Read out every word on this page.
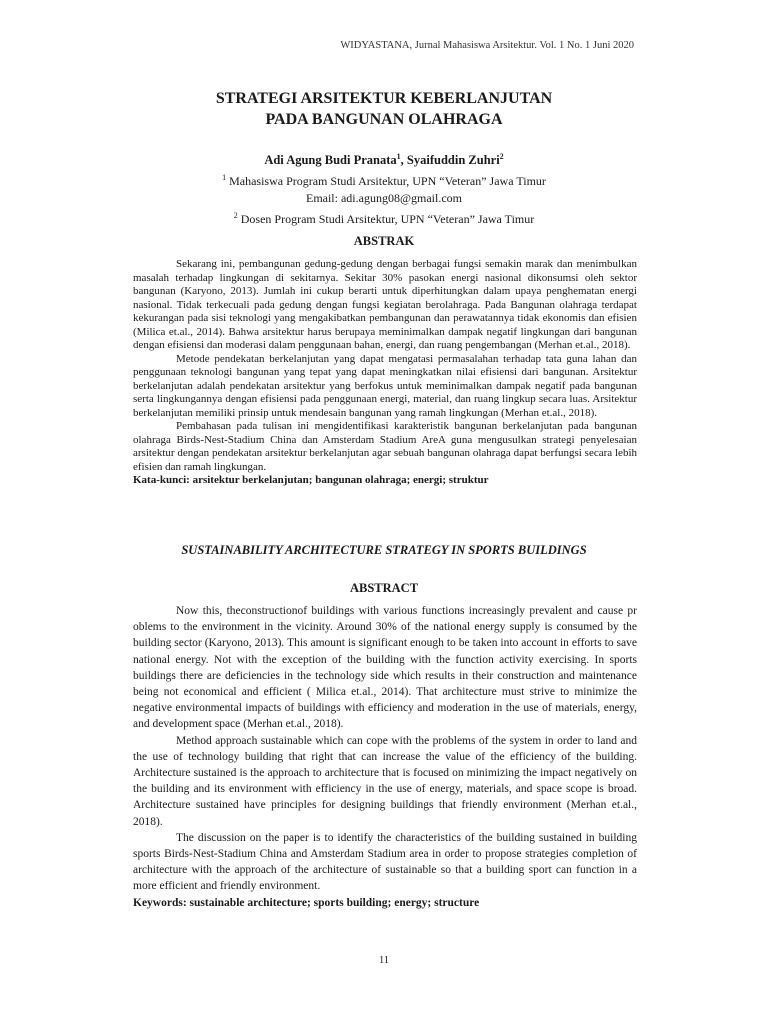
WIDYASTANA, Jurnal Mahasiswa Arsitektur. Vol. 1 No. 1 Juni 2020
STRATEGI ARSITEKTUR KEBERLANJUTAN
PADA BANGUNAN OLAHRAGA
Adi Agung Budi Pranata$^1$, Syaifuddin Zuhri$^2$
$^1$ Mahasiswa Program Studi Arsitektur, UPN “Veteran” Jawa Timur
Email: adi.agung08@gmail.com
$^2$ Dosen Program Studi Arsitektur, UPN “Veteran” Jawa Timur
ABSTRAK

Sekarang ini, pembangunan gedung-gedung dengan berbagai fungsi semakin marak dan menimbulkan masalah terhadap lingkungan di sekitarnya. Sekitar 30% pasokan energi nasional dikonsumsi oleh sektor bangunan (Karyono, 2013). Jumlah ini cukup berarti untuk diperhitungkan dalam upaya penghematan energi nasional. Tidak terkecuali pada gedung dengan fungsi kegiatan berolahraga. Pada Bangunan olahraga terdapat kekurangan pada sisi teknologi yang mengakibatkan pembangunan dan perawatannya tidak ekonomis dan efisien (Milica et.al., 2014). Bahwa arsitektur harus berupaya meminimalkan dampak negatif lingkungan dari bangunan dengan efisiensi dan moderasi dalam penggunaan bahan, energi, dan ruang pengembangan (Merhan et.al., 2018).

Metode pendekatan berkelanjutan yang dapat mengatasi permasalahan terhadap tata guna lahan dan penggunaan teknologi bangunan yang tepat yang dapat meningkatkan nilai efisiensi dari bangunan. Arsitektur berkelanjutan adalah pendekatan arsitektur yang berfokus untuk meminimalkan dampak negatif pada bangunan serta lingkungannya dengan efisiensi pada penggunaan energi, material, dan ruang lingkup secara luas. Arsitektur berkelanjutan memiliki prinsip untuk mendesain bangunan yang ramah lingkungan (Merhan et.al., 2018).

Pembahasan pada tulisan ini mengidentifikasi karakteristik bangunan berkelanjutan pada bangunan olahraga Birds-Nest-Stadium China dan Amsterdam Stadium AreA guna mengusulkan strategi penyelesaian arsitektur dengan pendekatan arsitektur berkelanjutan agar sebuah bangunan olahraga dapat berfungsi secara lebih efisien dan ramah lingkungan.

Kata-kunci: arsitektur berkelanjutan; bangunan olahraga; energi; struktur
SUSTAINABILITY ARCHITECTURE STRATEGY IN SPORTS BUILDINGS
ABSTRACT

Now this, theconstructionof buildings with various functions increasingly prevalent and cause pr oblems to the environment in the vicinity. Around 30% of the national energy supply is consumed by the building sector (Karyono, 2013). This amount is significant enough to be taken into account in efforts to save national energy. Not with the exception of the building with the function activity exercising. In sports buildings there are deficiencies in the technology side which results in their construction and maintenance being not economical and efficient ( Milica et.al., 2014). That architecture must strive to minimize the negative environmental impacts of buildings with efficiency and moderation in the use of materials, energy, and development space (Merhan et.al., 2018).

Method approach sustainable which can cope with the problems of the system in order to land and the use of technology building that right that can increase the value of the efficiency of the building. Architecture sustained is the approach to architecture that is focused on minimizing the impact negatively on the building and its environment with efficiency in the use of energy, materials, and space scope is broad. Architecture sustained have principles for designing buildings that friendly environment (Merhan et.al., 2018).

The discussion on the paper is to identify the characteristics of the building sustained in building sports Birds-Nest-Stadium China and Amsterdam Stadium area in order to propose strategies completion of architecture with the approach of the architecture of sustainable so that a building sport can function in a more efficient and friendly environment.

Keywords: sustainable architecture; sports building; energy; structure
11
